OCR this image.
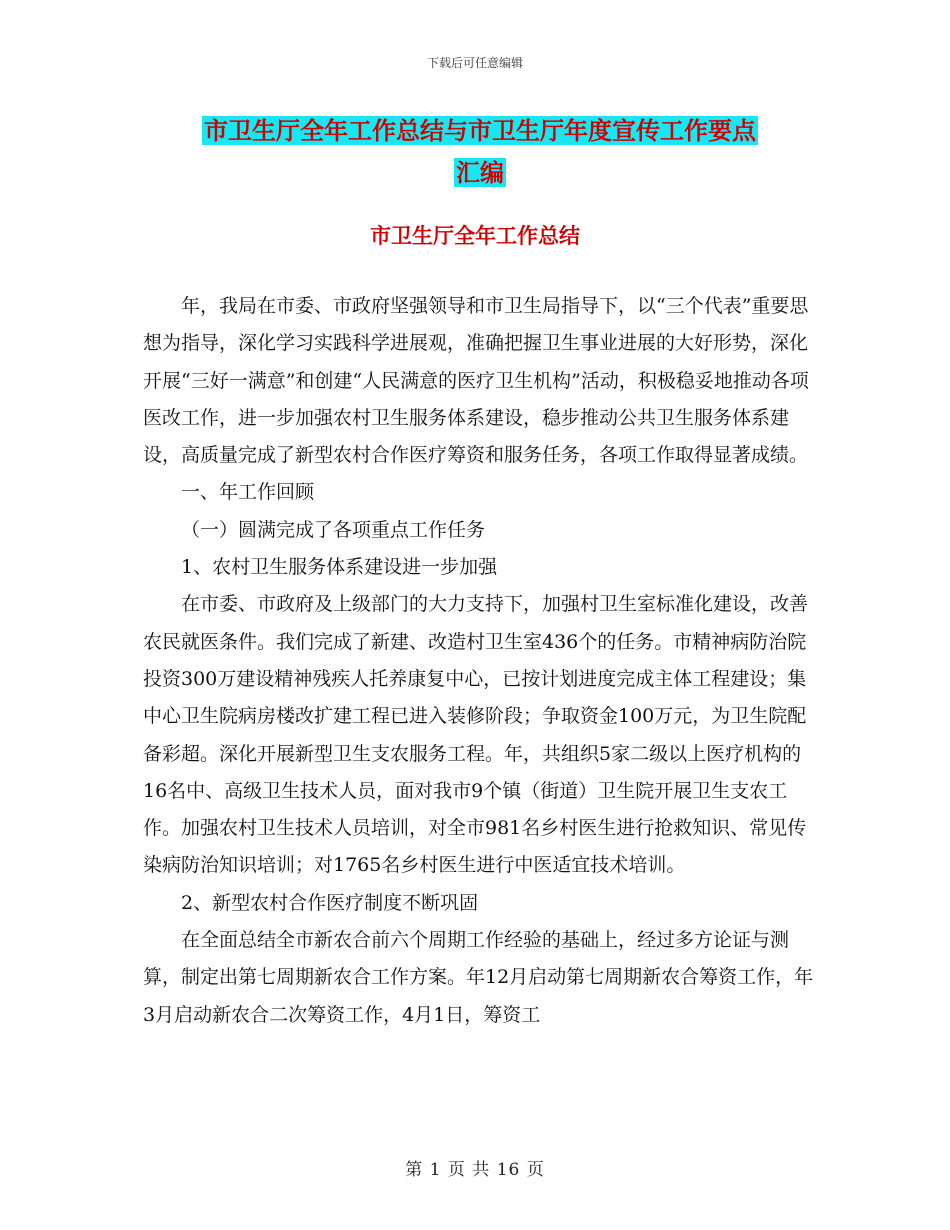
下载后可任意编辑
市卫生厅全年工作总结与市卫生厅年度宣传工作要点
汇编
市卫生厅全年工作总结

年，我局在市委、市政府坚强领导和市卫生局指导下，以“三个代表”重要思想为指导，深化学习实践科学进展观，准确把握卫生事业进展的大好形势，深化开展“三好一满意”和创建“人民满意的医疗卫生机构”活动，积极稳妥地推动各项医改工作，进一步加强农村卫生服务体系建设，稳步推动公共卫生服务体系建设，高质量完成了新型农村合作医疗筹资和服务任务，各项工作取得显著成绩。

一、年工作回顾

（一）圆满完成了各项重点工作任务

1、农村卫生服务体系建设进一步加强

在市委、市政府及上级部门的大力支持下，加强村卫生室标准化建设，改善农民就医条件。我们完成了新建、改造村卫生室436个的任务。市精神病防治院投资300万建设精神残疾人托养康复中心，已按计划进度完成主体工程建设；集中心卫生院病房楼改扩建工程已进入装修阶段；争取资金100万元，为卫生院配备彩超。深化开展新型卫生支农服务工程。年，共组织5家二级以上医疗机构的16名中、高级卫生技术人员，面对我市9个镇（街道）卫生院开展卫生支农工作。加强农村卫生技术人员培训，对全市981名乡村医生进行抢救知识、常见传染病防治知识培训；对1765名乡村医生进行中医适宜技术培训。

2、新型农村合作医疗制度不断巩固

在全面总结全市新农合前六个周期工作经验的基础上，经过多方论证与测算，制定出第七周期新农合工作方案。年12月启动第七周期新农合筹资工作，年3月启动新农合二次筹资工作，4月1日，筹资工

第 1 页 共 16 页
